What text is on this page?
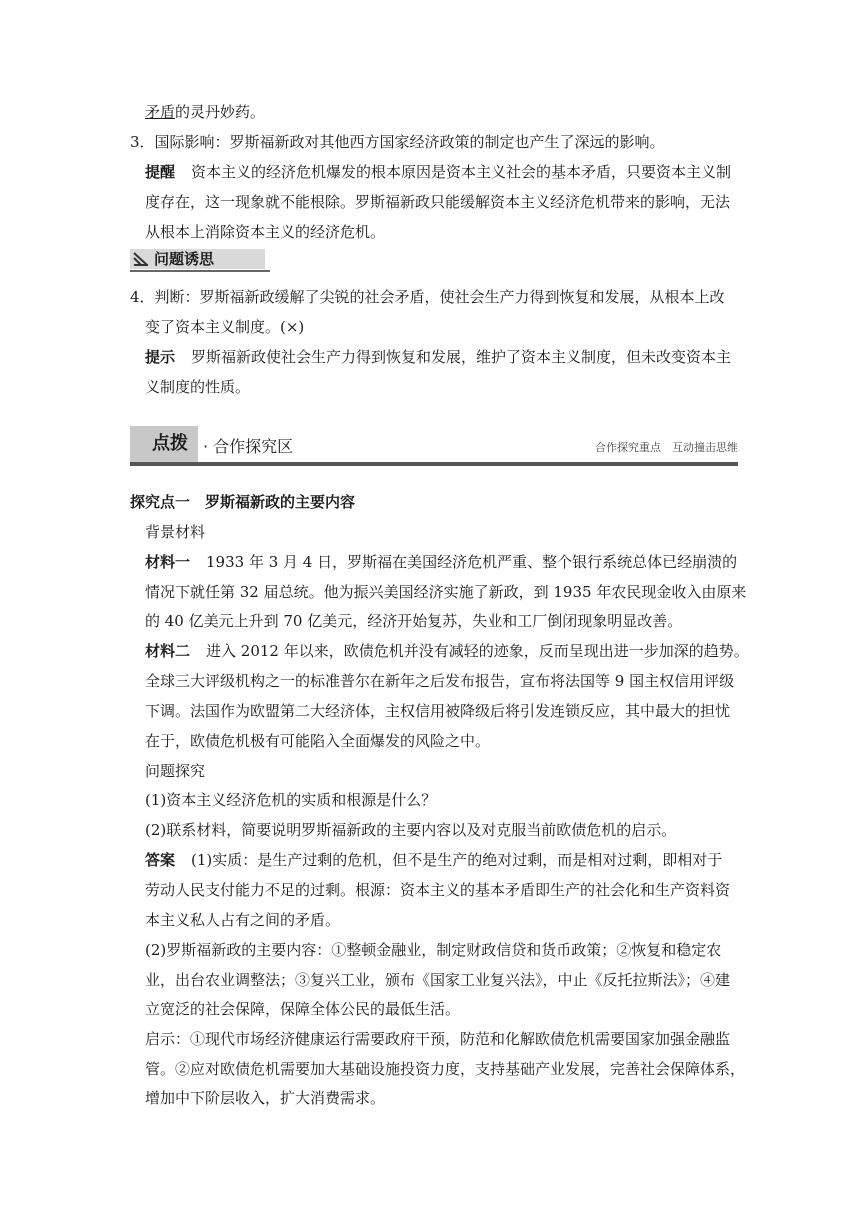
矛盾的灵丹妙药。
3．国际影响：罗斯福新政对其他西方国家经济政策的制定也产生了深远的影响。
提醒 资本主义的经济危机爆发的根本原因是资本主义社会的基本矛盾，只要资本主义制
度存在，这一现象就不能根除。罗斯福新政只能缓解资本主义经济危机带来的影响，无法
从根本上消除资本主义的经济危机。
问题诱思
4．判断：罗斯福新政缓解了尖锐的社会矛盾，使社会生产力得到恢复和发展，从根本上改
变了资本主义制度。(×)
提示 罗斯福新政使社会生产力得到恢复和发展，维护了资本主义制度，但未改变资本主
义制度的性质。
点拨 · 合作探究区	合作探究重点　互动撞击思维
探究点一　罗斯福新政的主要内容
背景材料
材料一 1933 年 3 月 4 日，罗斯福在美国经济危机严重、整个银行系统总体已经崩溃的
情况下就任第 32 届总统。他为振兴美国经济实施了新政，到 1935 年农民现金收入由原来
的 40 亿美元上升到 70 亿美元，经济开始复苏，失业和工厂倒闭现象明显改善。
材料二 进入 2012 年以来，欧债危机并没有减轻的迹象，反而呈现出进一步加深的趋势。
全球三大评级机构之一的标准普尔在新年之后发布报告，宣布将法国等 9 国主权信用评级
下调。法国作为欧盟第二大经济体，主权信用被降级后将引发连锁反应，其中最大的担忧
在于，欧债危机极有可能陷入全面爆发的风险之中。
问题探究
(1)资本主义经济危机的实质和根源是什么？
(2)联系材料，简要说明罗斯福新政的主要内容以及对克服当前欧债危机的启示。
答案 (1)实质：是生产过剩的危机，但不是生产的绝对过剩，而是相对过剩，即相对于
劳动人民支付能力不足的过剩。根源：资本主义的基本矛盾即生产的社会化和生产资料资
本主义私人占有之间的矛盾。
(2)罗斯福新政的主要内容：①整顿金融业，制定财政信贷和货币政策；②恢复和稳定农
业，出台农业调整法；③复兴工业，颁布《国家工业复兴法》，中止《反托拉斯法》；④建
立宽泛的社会保障，保障全体公民的最低生活。
启示：①现代市场经济健康运行需要政府干预，防范和化解欧债危机需要国家加强金融监
管。②应对欧债危机需要加大基础设施投资力度，支持基础产业发展，完善社会保障体系，
增加中下阶层收入，扩大消费需求。
